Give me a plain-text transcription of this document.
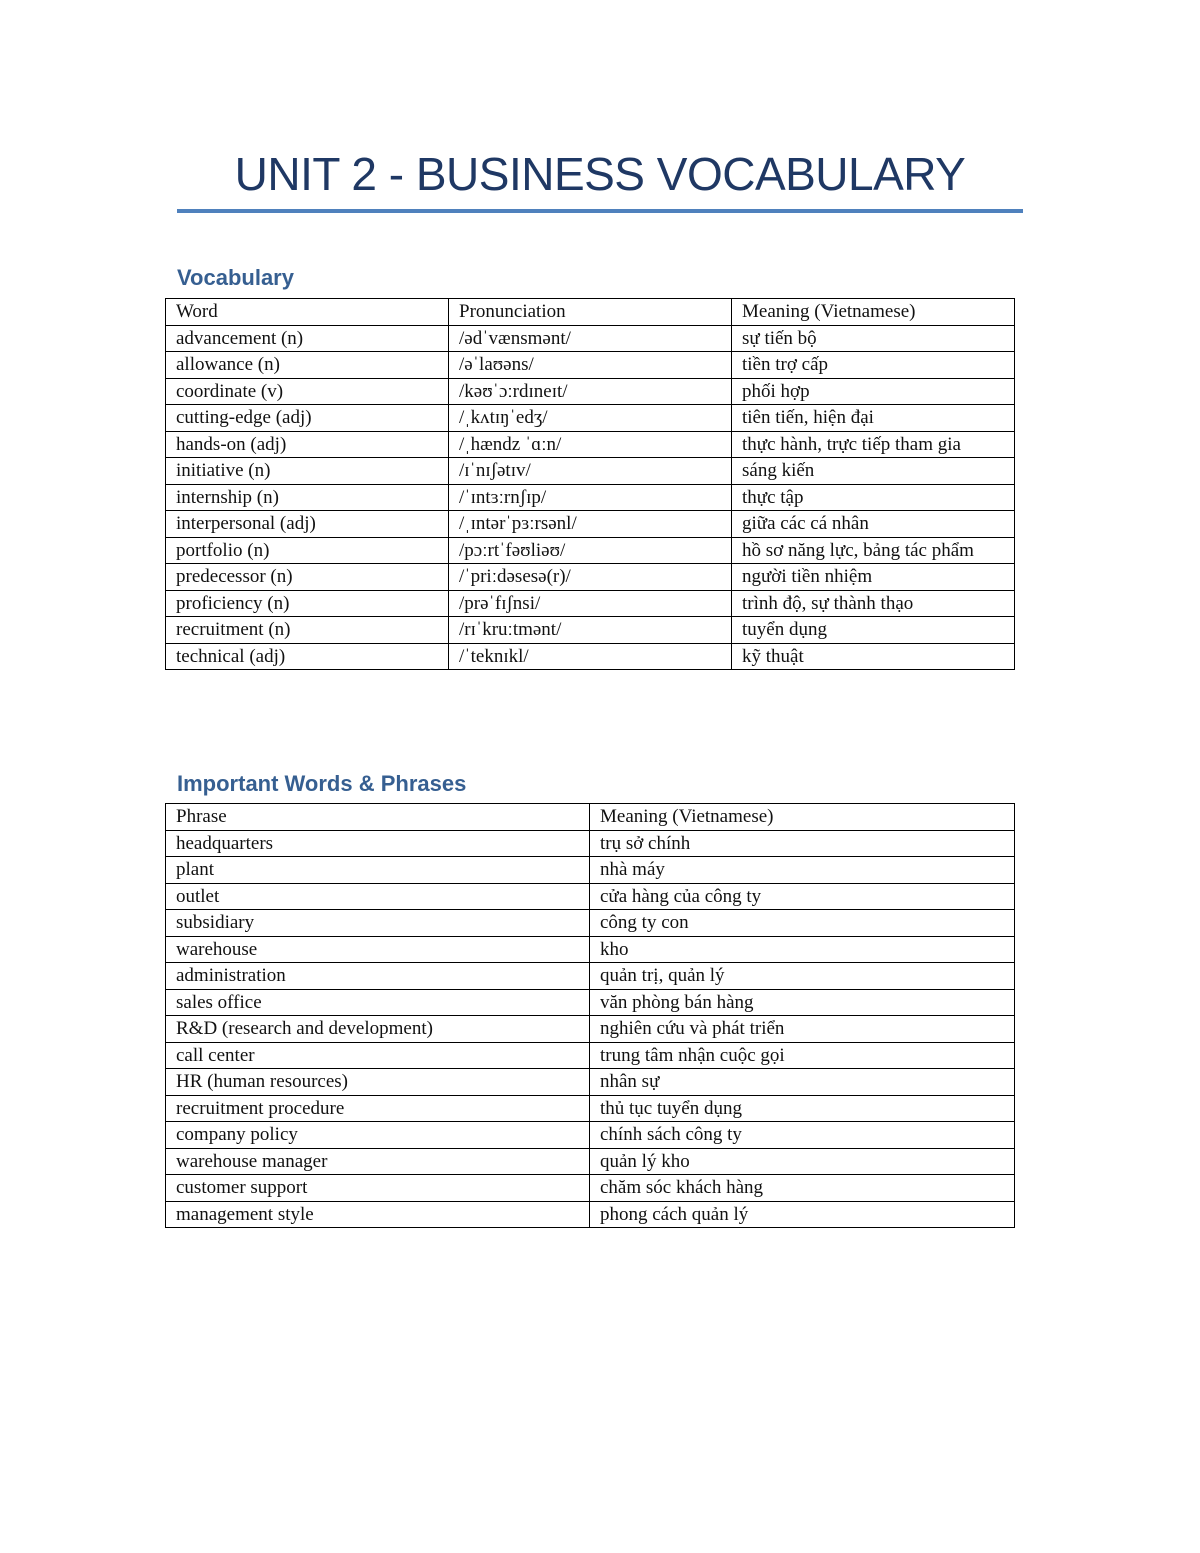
UNIT 2 - BUSINESS VOCABULARY
Vocabulary
Word	Pronunciation	Meaning (Vietnamese)
advancement (n)	/ədˈvænsmənt/	sự tiến bộ
allowance (n)	/əˈlaʊəns/	tiền trợ cấp
coordinate (v)	/kəʊˈɔːrdɪneɪt/	phối hợp
cutting-edge (adj)	/ˌkʌtɪŋˈedʒ/	tiên tiến, hiện đại
hands-on (adj)	/ˌhændz ˈɑːn/	thực hành, trực tiếp tham gia
initiative (n)	/ɪˈnɪʃətɪv/	sáng kiến
internship (n)	/ˈɪntɜːrnʃɪp/	thực tập
interpersonal (adj)	/ˌɪntərˈpɜːrsənl/	giữa các cá nhân
portfolio (n)	/pɔːrtˈfəʊliəʊ/	hồ sơ năng lực, bảng tác phẩm
predecessor (n)	/ˈpriːdəsesə(r)/	người tiền nhiệm
proficiency (n)	/prəˈfɪʃnsi/	trình độ, sự thành thạo
recruitment (n)	/rɪˈkruːtmənt/	tuyển dụng
technical (adj)	/ˈteknɪkl/	kỹ thuật
Important Words & Phrases
Phrase	Meaning (Vietnamese)
headquarters	trụ sở chính
plant	nhà máy
outlet	cửa hàng của công ty
subsidiary	công ty con
warehouse	kho
administration	quản trị, quản lý
sales office	văn phòng bán hàng
R&D (research and development)	nghiên cứu và phát triển
call center	trung tâm nhận cuộc gọi
HR (human resources)	nhân sự
recruitment procedure	thủ tục tuyển dụng
company policy	chính sách công ty
warehouse manager	quản lý kho
customer support	chăm sóc khách hàng
management style	phong cách quản lý
